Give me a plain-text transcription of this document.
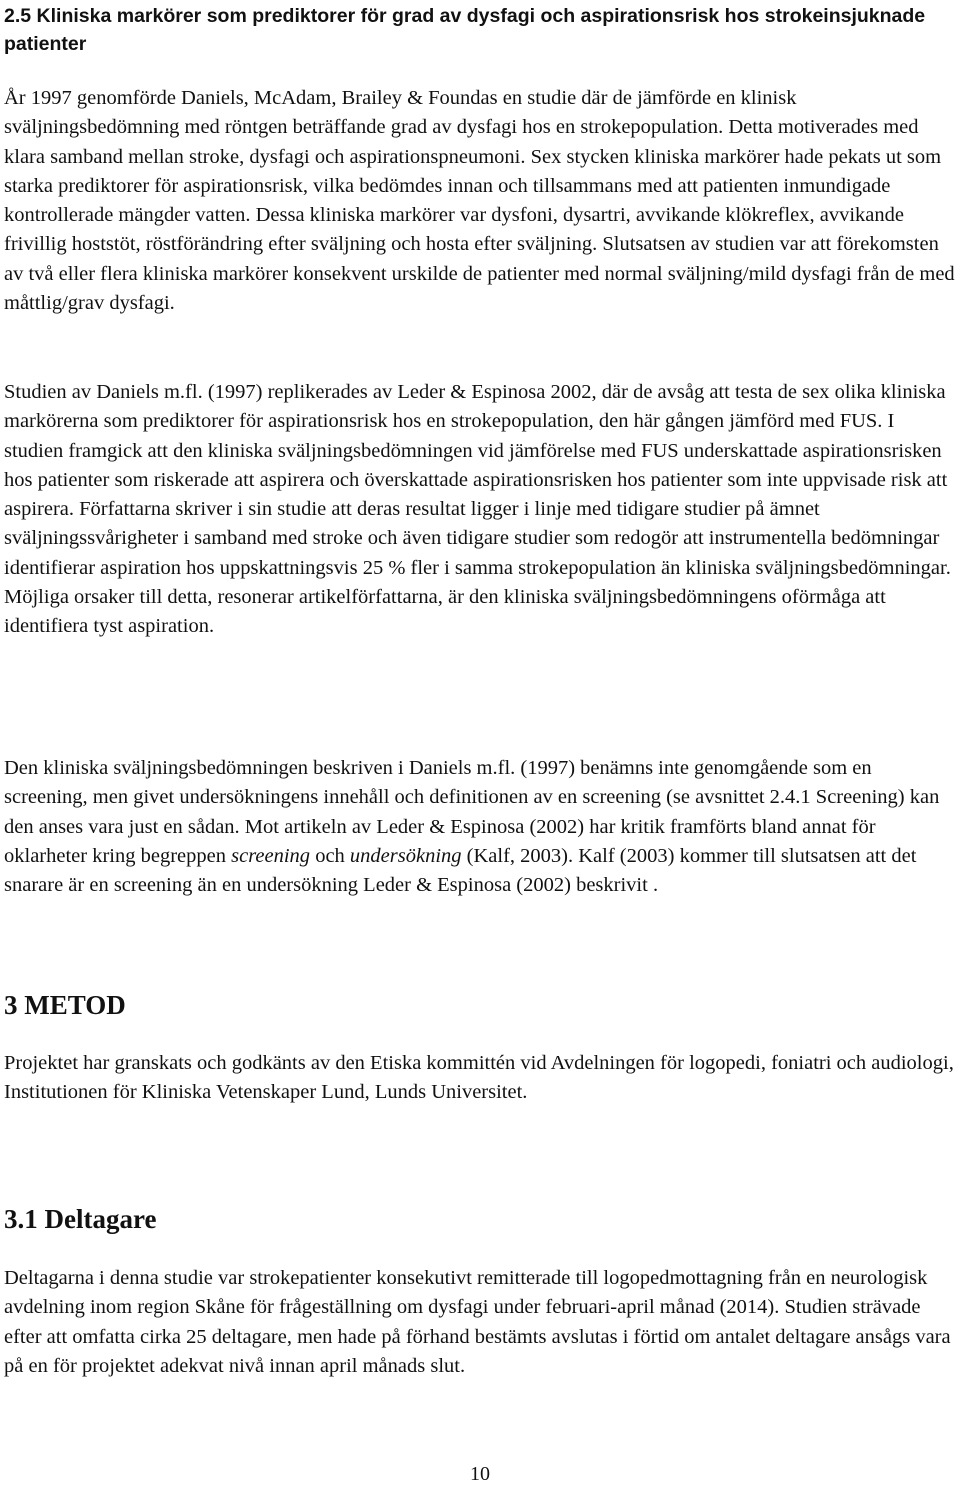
2.5 Kliniska markörer som prediktorer för grad av dysfagi och aspirationsrisk hos strokeinsjuknade patienter

År 1997 genomförde Daniels, McAdam, Brailey & Foundas en studie där de jämförde en klinisk sväljningsbedömning med röntgen beträffande grad av dysfagi hos en strokepopulation. Detta motiverades med klara samband mellan stroke, dysfagi och aspirationspneumoni. Sex stycken kliniska markörer hade pekats ut som starka prediktorer för aspirationsrisk, vilka bedömdes innan och tillsammans med att patienten inmundigade kontrollerade mängder vatten. Dessa kliniska markörer var dysfoni, dysartri, avvikande klökreflex, avvikande frivillig hoststöt, röstförändring efter sväljning och hosta efter sväljning. Slutsatsen av studien var att förekomsten av två eller flera kliniska markörer konsekvent urskilde de patienter med normal sväljning/mild dysfagi från de med måttlig/grav dysfagi.

Studien av Daniels m.fl. (1997) replikerades av Leder & Espinosa 2002, där de avsåg att testa de sex olika kliniska markörerna som prediktorer för aspirationsrisk hos en strokepopulation, den här gången jämförd med FUS. I studien framgick att den kliniska sväljningsbedömningen vid jämförelse med FUS underskattade aspirationsrisken hos patienter som riskerade att aspirera och överskattade aspirationsrisken hos patienter som inte uppvisade risk att aspirera. Författarna skriver i sin studie att deras resultat ligger i linje med tidigare studier på ämnet sväljningssvårigheter i samband med stroke och även tidigare studier som redogör att instrumentella bedömningar identifierar aspiration hos uppskattningsvis 25 % fler i samma strokepopulation än kliniska sväljningsbedömningar. Möjliga orsaker till detta, resonerar artikelförfattarna, är den kliniska sväljningsbedömningens oförmåga att identifiera tyst aspiration.

Den kliniska sväljningsbedömningen beskriven i Daniels m.fl. (1997) benämns inte genomgående som en screening, men givet undersökningens innehåll och definitionen av en screening (se avsnittet 2.4.1 Screening) kan den anses vara just en sådan. Mot artikeln av Leder & Espinosa (2002) har kritik framförts bland annat för oklarheter kring begreppen screening och undersökning (Kalf, 2003). Kalf (2003) kommer till slutsatsen att det snarare är en screening än en undersökning Leder & Espinosa (2002) beskrivit .

3 METOD

Projektet har granskats och godkänts av den Etiska kommittén vid Avdelningen för logopedi, foniatri och audiologi, Institutionen för Kliniska Vetenskaper Lund, Lunds Universitet.

3.1 Deltagare

Deltagarna i denna studie var strokepatienter konsekutivt remitterade till logopedmottagning från en neurologisk avdelning inom region Skåne för frågeställning om dysfagi under februari-april månad (2014). Studien strävade efter att omfatta cirka 25 deltagare, men hade på förhand bestämts avslutas i förtid om antalet deltagare ansågs vara på en för projektet adekvat nivå innan april månads slut.

10
